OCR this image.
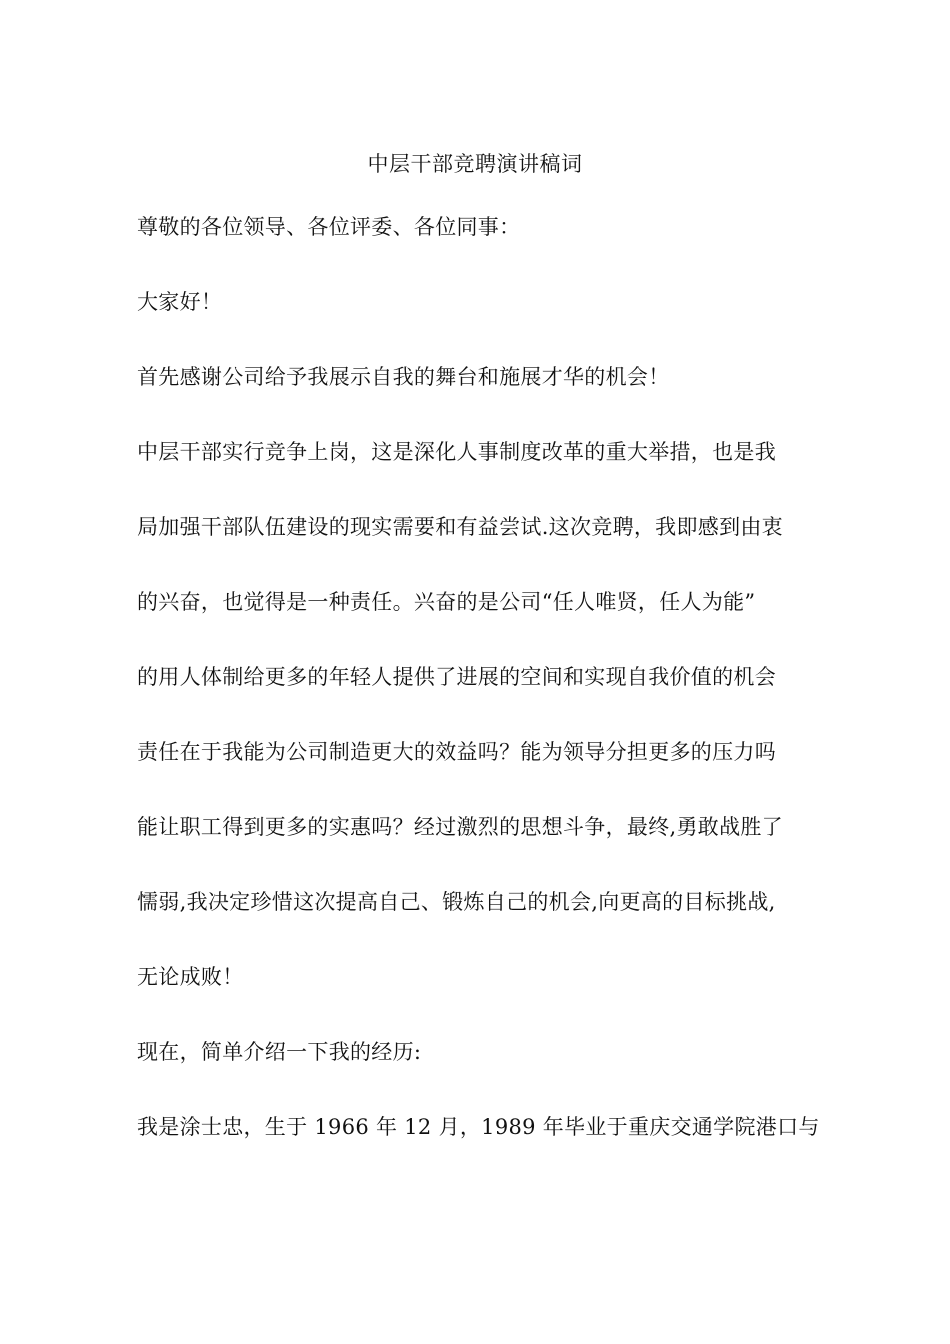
中层干部竞聘演讲稿词
尊敬的各位领导、各位评委、各位同事：
大家好！
首先感谢公司给予我展示自我的舞台和施展才华的机会！
中层干部实行竞争上岗，这是深化人事制度改革的重大举措，也是我
局加强干部队伍建设的现实需要和有益尝试.这次竞聘，我即感到由衷
的兴奋，也觉得是一种责任。兴奋的是公司“任人唯贤，任人为能”
的用人体制给更多的年轻人提供了进展的空间和实现自我价值的机会
责任在于我能为公司制造更大的效益吗？能为领导分担更多的压力吗
能让职工得到更多的实惠吗？经过激烈的思想斗争，最终,勇敢战胜了
懦弱,我决定珍惜这次提高自己、锻炼自己的机会,向更高的目标挑战,
无论成败！
现在，简单介绍一下我的经历:
我是涂士忠，生于 1966 年 12 月，1989 年毕业于重庆交通学院港口与
